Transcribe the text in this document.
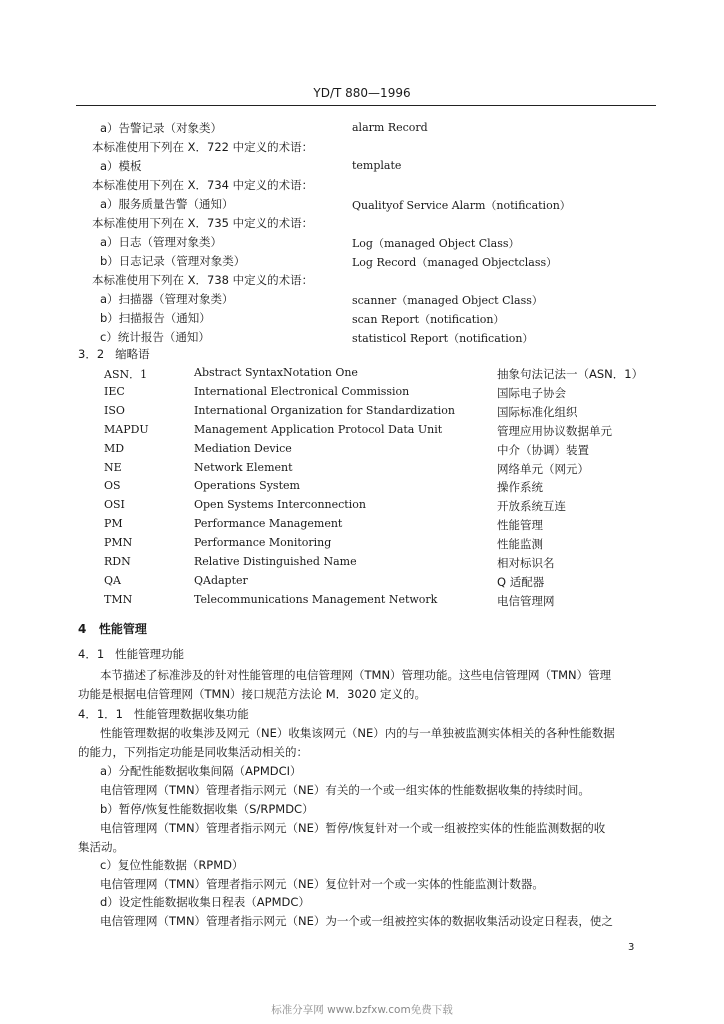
YD/T 880—1996
a）告警记录（对象类）	alarm Record
本标准使用下列在 X．722 中定义的术语：
a）模板	template
本标准使用下列在 X．734 中定义的术语：
a）服务质量告警（通知）	Qualityof Service Alarm（notification）
本标准使用下列在 X．735 中定义的术语：
a）日志（管理对象类）	Log（managed Object Class）
b）日志记录（管理对象类）	Log Record（managed Objectclass）
本标准使用下列在 X．738 中定义的术语：
a）扫描器（管理对象类）	scanner（managed Object Class）
b）扫描报告（通知）	scan Report（notification）
c）统计报告（通知）	statisticol Report（notification）
3．2 缩略语
ASN．1	Abstract SyntaxNotation One	抽象句法记法一（ASN．1）
IEC	International Electronical Commission	国际电子协会
ISO	International Organization for Standardization	国际标准化组织
MAPDU	Management Application Protocol Data Unit	管理应用协议数据单元
MD	Mediation Device	中介（协调）装置
NE	Network Element	网络单元（网元）
OS	Operations System	操作系统
OSI	Open Systems Interconnection	开放系统互连
PM	Performance Management	性能管理
PMN	Performance Monitoring	性能监测
RDN	Relative Distinguished Name	相对标识名
QA	QAdapter	Q 适配器
TMN	Telecommunications Management Network	电信管理网
4 性能管理
4．1 性能管理功能
本节描述了标准涉及的针对性能管理的电信管理网（TMN）管理功能。这些电信管理网（TMN）管理
功能是根据电信管理网（TMN）接口规范方法论 M．3020 定义的。
4．1．1 性能管理数据收集功能
性能管理数据的收集涉及网元（NE）收集该网元（NE）内的与一单独被监测实体相关的各种性能数据
的能力，下列指定功能是同收集活动相关的：
a）分配性能数据收集间隔（APMDCI）
电信管理网（TMN）管理者指示网元（NE）有关的一个或一组实体的性能数据收集的持续时间。
b）暂停/恢复性能数据收集（S/RPMDC）
电信管理网（TMN）管理者指示网元（NE）暂停/恢复针对一个或一组被控实体的性能监测数据的收
集活动。
c）复位性能数据（RPMD）
电信管理网（TMN）管理者指示网元（NE）复位针对一个或一实体的性能监测计数器。
d）设定性能数据收集日程表（APMDC）
电信管理网（TMN）管理者指示网元（NE）为一个或一组被控实体的数据收集活动设定日程表，使之
3
标准分享网 www.bzfxw.com免费下载
